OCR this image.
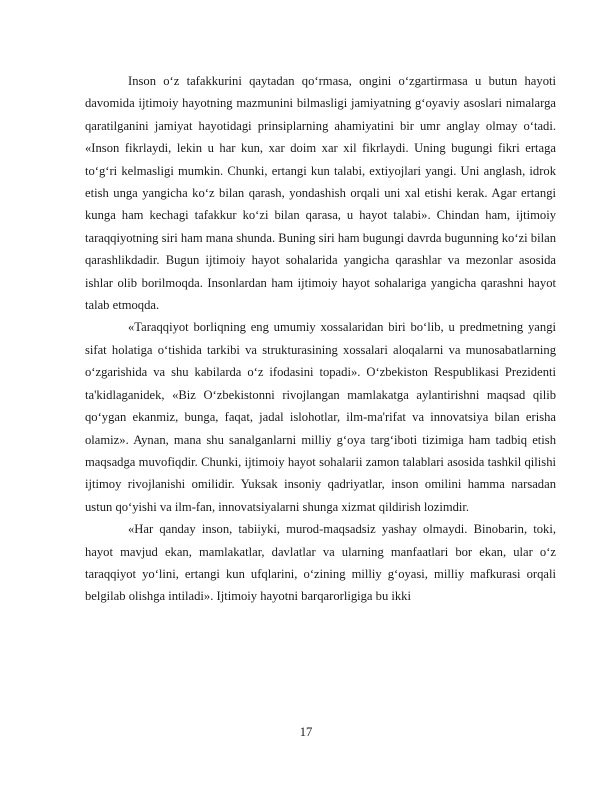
Inson o‘z tafakkurini qaytadan qo‘rmasa, ongini o‘zgartirmasa u butun hayoti davomida ijtimoiy hayotning mazmunini bilmasligi jamiyatning g‘oyaviy asoslari nimalarga qaratilganini jamiyat hayotidagi prinsiplarning ahamiyatini bir umr anglay olmay o‘tadi. «Inson fikrlaydi, lekin u har kun, xar doim xar xil fikrlaydi. Uning bugungi fikri ertaga to‘g‘ri kelmasligi mumkin. Chunki, ertangi kun talabi, extiyojlari yangi. Uni anglash, idrok etish unga yangicha ko‘z bilan qarash, yondashish orqali uni xal etishi kerak. Agar ertangi kunga ham kechagi tafakkur ko‘zi bilan qarasa, u hayot talabi». Chindan ham, ijtimoiy taraqqiyotning siri ham mana shunda. Buning siri ham bugungi davrda bugunning ko‘zi bilan qarashlikdadir. Bugun ijtimoiy hayot sohalarida yangicha qarashlar va mezonlar asosida ishlar olib borilmoqda. Insonlardan ham ijtimoiy hayot sohalariga yangicha qarashni hayot talab etmoqda.

«Taraqqiyot borliqning eng umumiy xossalaridan biri bo‘lib, u predmetning yangi sifat holatiga o‘tishida tarkibi va strukturasining xossalari aloqalarni va munosabatlarning o‘zgarishida va shu kabilarda o‘z ifodasini topadi». O‘zbekiston Respublikasi Prezidenti ta'kidlaganidek, «Biz O‘zbekistonni rivojlangan mamlakatga aylantirishni maqsad qilib qo‘ygan ekanmiz, bunga, faqat, jadal islohotlar, ilm-ma'rifat va innovatsiya bilan erisha olamiz». Aynan, mana shu sanalganlarni milliy g‘oya targ‘iboti tizimiga ham tadbiq etish maqsadga muvofiqdir. Chunki, ijtimoiy hayot sohalarii zamon talablari asosida tashkil qilishi ijtimoy rivojlanishi omilidir. Yuksak insoniy qadriyatlar, inson omilini hamma narsadan ustun qo‘yishi va ilm-fan, innovatsiyalarni shunga xizmat qildirish lozimdir.

«Har qanday inson, tabiiyki, murod-maqsadsiz yashay olmaydi. Binobarin, toki, hayot mavjud ekan, mamlakatlar, davlatlar va ularning manfaatlari bor ekan, ular o‘z taraqqiyot yo‘lini, ertangi kun ufqlarini, o‘zining milliy g‘oyasi, milliy mafkurasi orqali belgilab olishga intiladi». Ijtimoiy hayotni barqarorligiga bu ikki

17
